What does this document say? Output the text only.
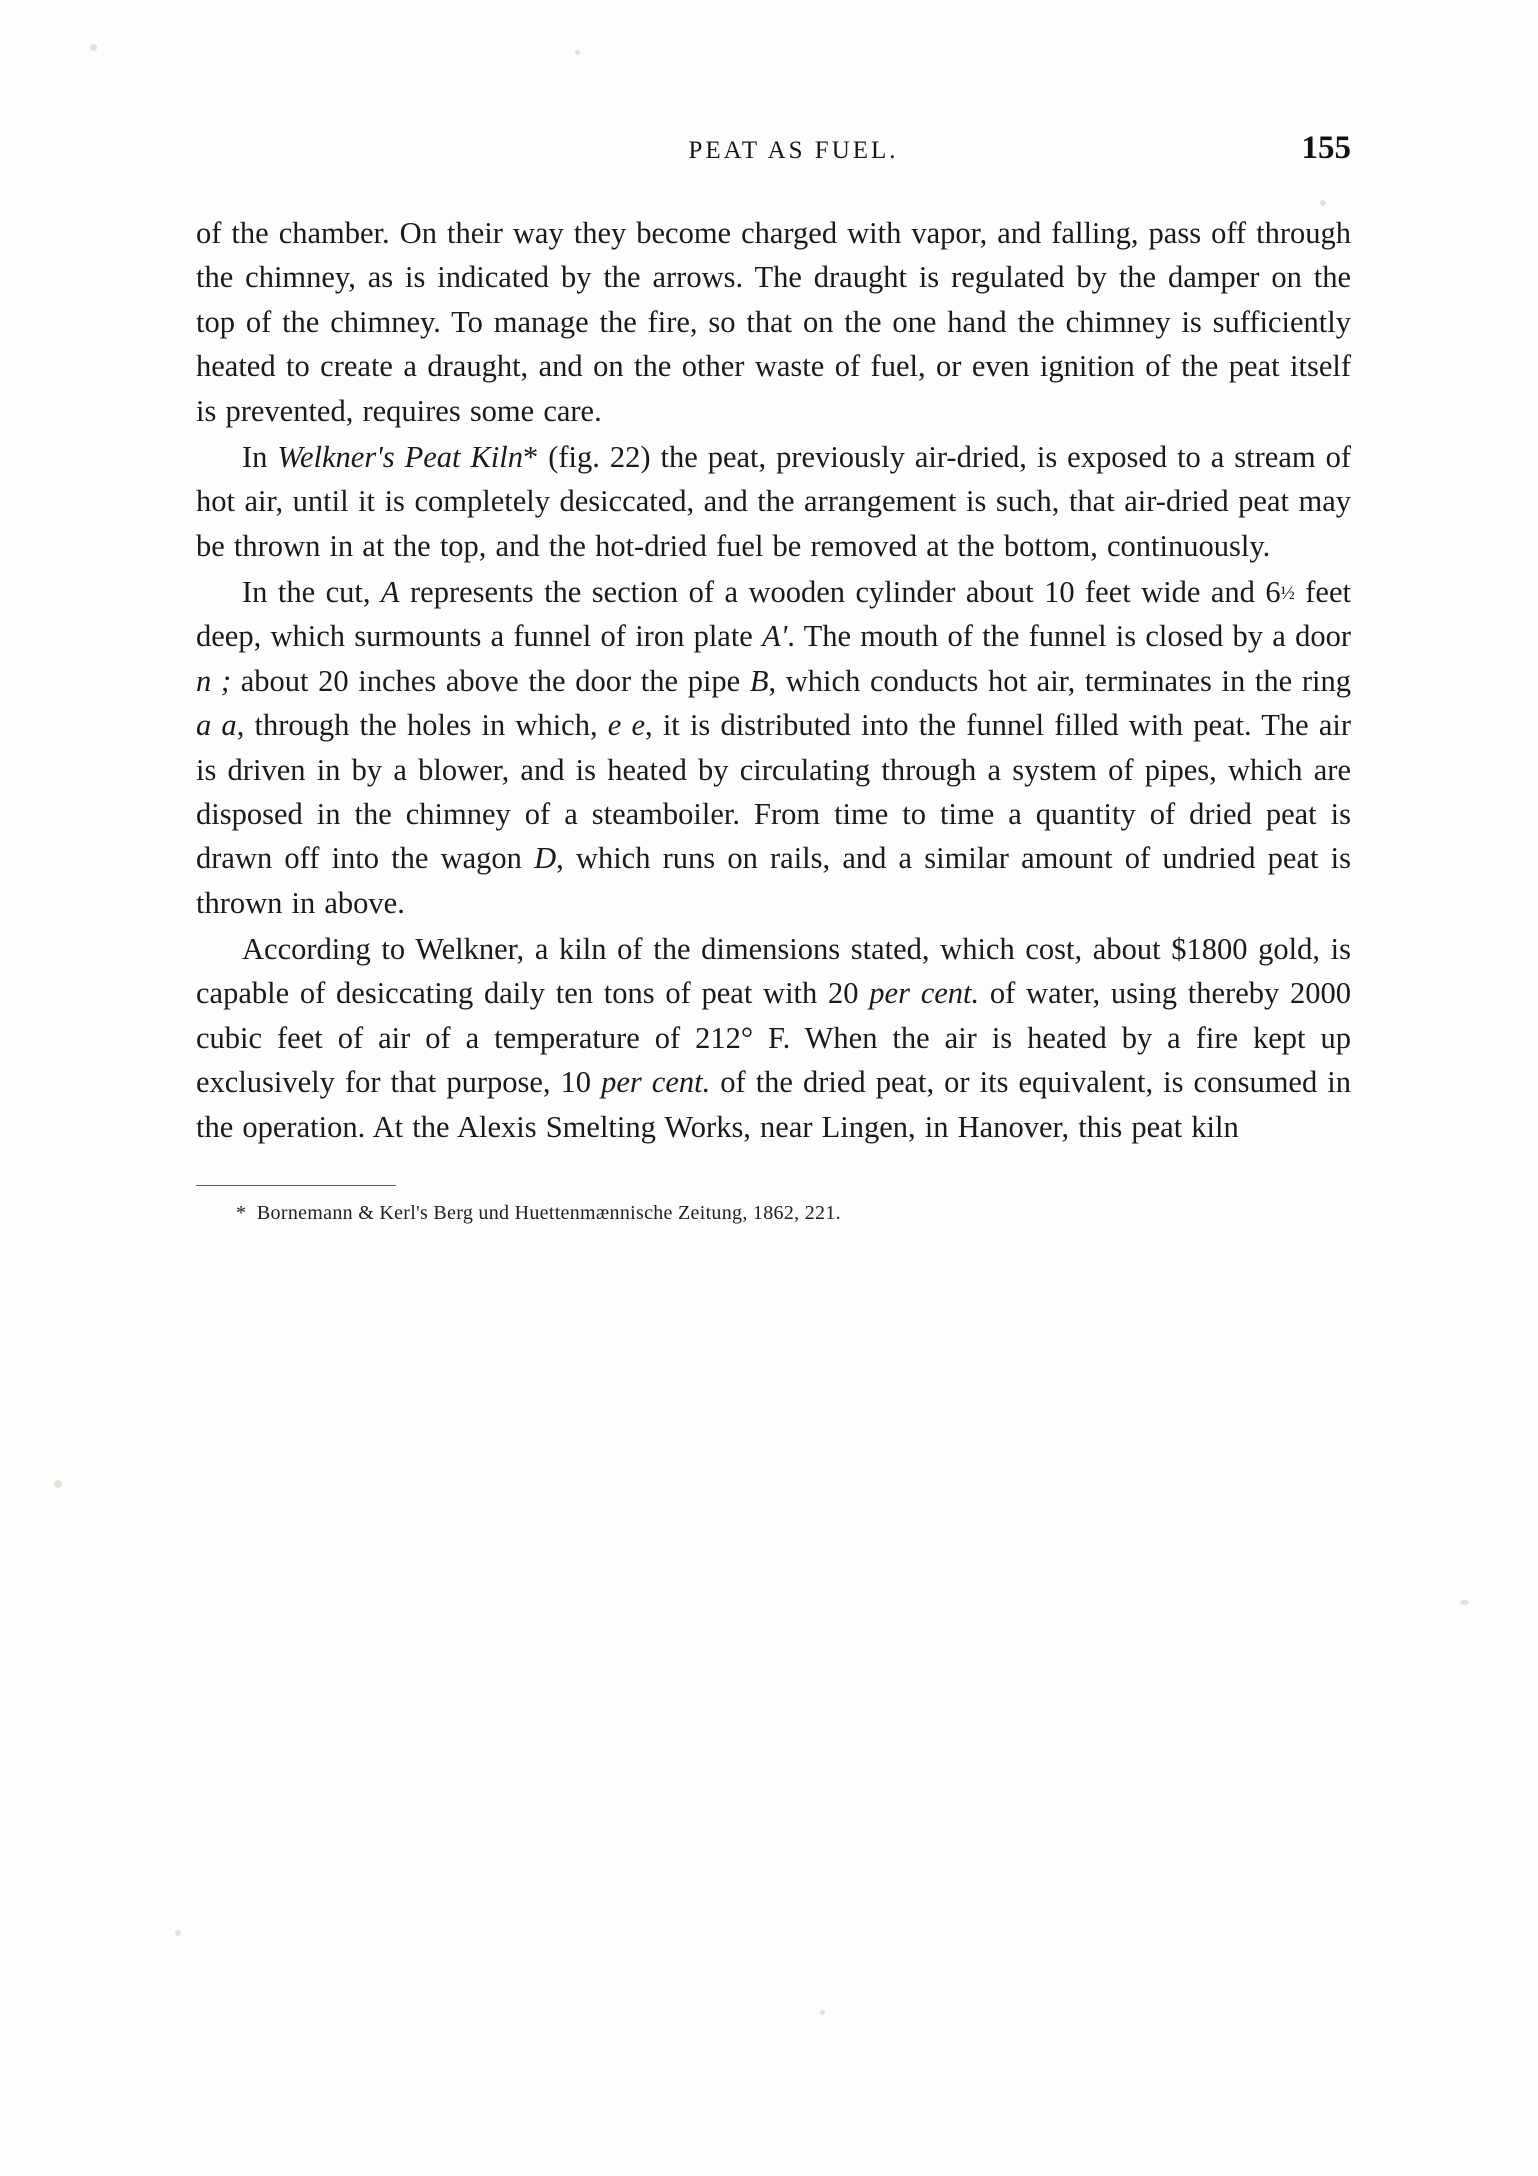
PEAT AS FUEL.	155

of the chamber. On their way they become charged with vapor, and falling, pass off through the chimney, as is indicated by the arrows. The draught is regulated by the damper on the top of the chimney. To manage the fire, so that on the one hand the chimney is sufficiently heated to create a draught, and on the other waste of fuel, or even ignition of the peat itself is prevented, requires some care.

In Welkner's Peat Kiln* (fig. 22) the peat, previously air-dried, is exposed to a stream of hot air, until it is completely desiccated, and the arrangement is such, that air-dried peat may be thrown in at the top, and the hot-dried fuel be removed at the bottom, continuously.

In the cut, A represents the section of a wooden cylinder about 10 feet wide and 6½ feet deep, which surmounts a funnel of iron plate A'. The mouth of the funnel is closed by a door n ; about 20 inches above the door the pipe B, which conducts hot air, terminates in the ring a a, through the holes in which, e e, it is distributed into the funnel filled with peat. The air is driven in by a blower, and is heated by circulating through a system of pipes, which are disposed in the chimney of a steamboiler. From time to time a quantity of dried peat is drawn off into the wagon D, which runs on rails, and a similar amount of undried peat is thrown in above.

According to Welkner, a kiln of the dimensions stated, which cost, about $1800 gold, is capable of desiccating daily ten tons of peat with 20 per cent. of water, using thereby 2000 cubic feet of air of a temperature of 212° F. When the air is heated by a fire kept up exclusively for that purpose, 10 per cent. of the dried peat, or its equivalent, is consumed in the operation. At the Alexis Smelting Works, near Lingen, in Hanover, this peat kiln

* Bornemann & Kerl's Berg und Huettenmænnische Zeitung, 1862, 221.
